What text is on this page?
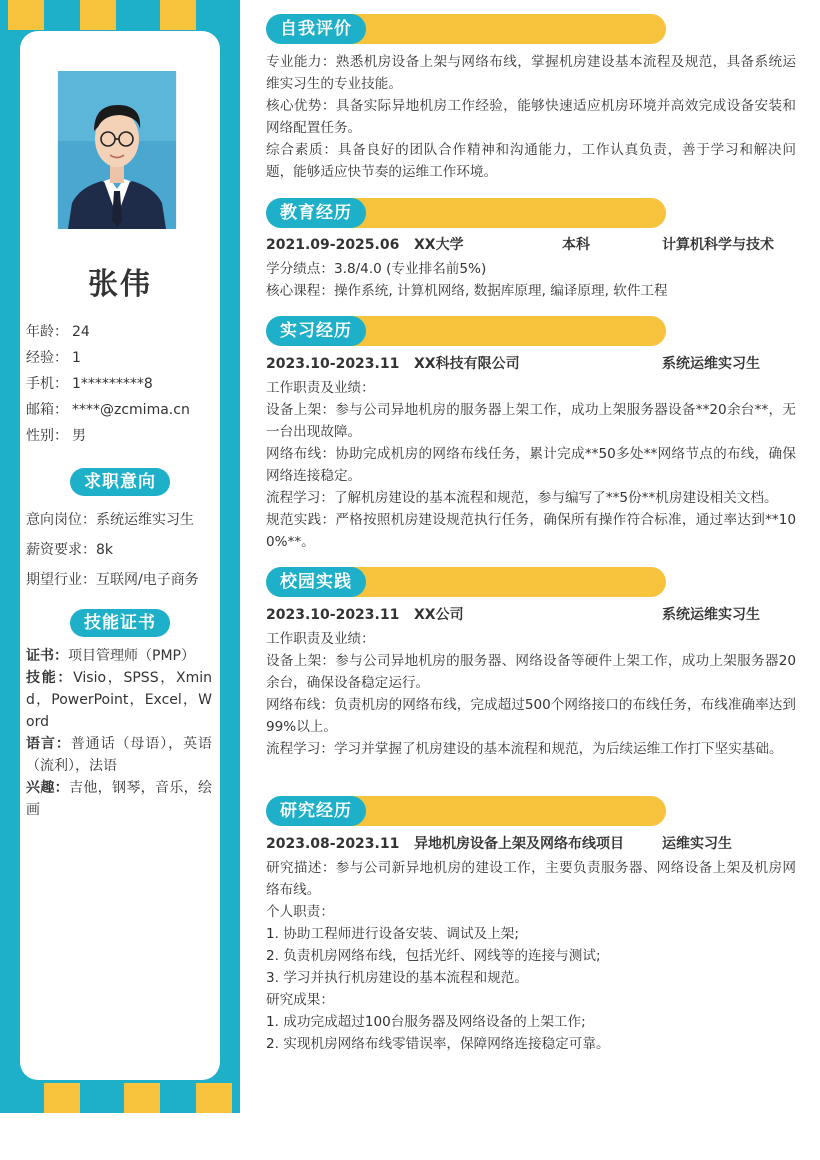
张伟
年龄： 24
经验： 1
手机： 1*********8
邮箱： ****@zcmima.cn
性别： 男
求职意向
意向岗位：系统运维实习生
薪资要求：8k
期望行业：互联网/电子商务
技能证书
证书：项目管理师（PMP）
技能：Visio，SPSS，Xmind，PowerPoint，Excel，Word
语言：普通话（母语），英语（流利），法语
兴趣：吉他，钢琴，音乐，绘画
自我评价
专业能力：熟悉机房设备上架与网络布线，掌握机房建设基本流程及规范，具备系统运维实习生的专业技能。
核心优势：具备实际异地机房工作经验，能够快速适应机房环境并高效完成设备安装和网络配置任务。
综合素质：具备良好的团队合作精神和沟通能力，工作认真负责，善于学习和解决问题，能够适应快节奏的运维工作环境。
教育经历
2021.09-2025.06	XX大学	本科	计算机科学与技术
学分绩点：3.8/4.0 (专业排名前5%)
核心课程：操作系统, 计算机网络, 数据库原理, 编译原理, 软件工程
实习经历
2023.10-2023.11	XX科技有限公司	系统运维实习生
工作职责及业绩：
设备上架：参与公司异地机房的服务器上架工作，成功上架服务器设备**20余台**，无一台出现故障。
网络布线：协助完成机房的网络布线任务，累计完成**50多处**网络节点的布线，确保网络连接稳定。
流程学习：了解机房建设的基本流程和规范，参与编写了**5份**机房建设相关文档。
规范实践：严格按照机房建设规范执行任务，确保所有操作符合标准，通过率达到**100%**。
校园实践
2023.10-2023.11	XX公司	系统运维实习生
工作职责及业绩：
设备上架：参与公司异地机房的服务器、网络设备等硬件上架工作，成功上架服务器20余台，确保设备稳定运行。
网络布线：负责机房的网络布线，完成超过500个网络接口的布线任务，布线准确率达到99%以上。
流程学习：学习并掌握了机房建设的基本流程和规范，为后续运维工作打下坚实基础。
研究经历
2023.08-2023.11	异地机房设备上架及网络布线项目	运维实习生
研究描述：参与公司新异地机房的建设工作，主要负责服务器、网络设备上架及机房网络布线。
个人职责：
1. 协助工程师进行设备安装、调试及上架;
2. 负责机房网络布线，包括光纤、网线等的连接与测试;
3. 学习并执行机房建设的基本流程和规范。
研究成果：
1. 成功完成超过100台服务器及网络设备的上架工作;
2. 实现机房网络布线零错误率，保障网络连接稳定可靠。
